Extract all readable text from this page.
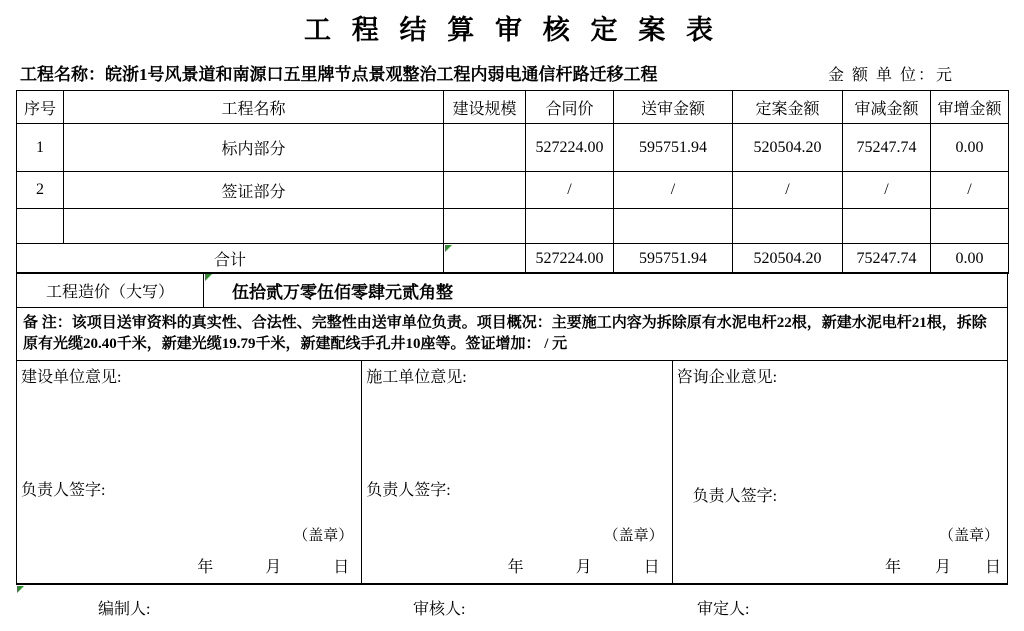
工 程 结 算 审 核 定 案 表
工程名称：皖浙1号风景道和南源口五里牌节点景观整治工程内弱电通信杆路迁移工程	金 额 单 位：元
序号	工程名称	建设规模	合同价	送审金额	定案金额	审减金额	审增金额
1	标内部分		527224.00	595751.94	520504.20	75247.74	0.00
2	签证部分		/	/	/	/	/

合计			527224.00	595751.94	520504.20	75247.74	0.00
工程造价（大写）	伍拾贰万零伍佰零肆元贰角整
备 注：该项目送审资料的真实性、合法性、完整性由送审单位负责。项目概况：主要施工内容为拆除原有水泥电杆22根，新建水泥电杆21根，拆除原有光缆20.40千米，新建光缆19.79千米，新建配线手孔井10座等。签证增加： / 元
建设单位意见:
负责人签字:
（盖章）
年	月	日
施工单位意见:
负责人签字:
（盖章）
年	月	日
咨询企业意见:
负责人签字:
（盖章）
年 月 日
编制人:	审核人:	审定人:
